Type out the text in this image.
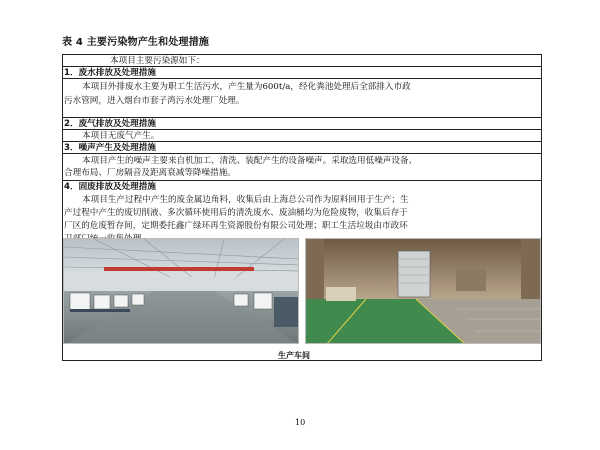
表 4 主要污染物产生和处理措施
本项目主要污染源如下：
1．废水排放及处理措施
本项目外排废水主要为职工生活污水，产生量为600t/a，经化粪池处理后全部排入市政
污水管网，进入烟台市套子湾污水处理厂处理。
2．废气排放及处理措施
本项目无废气产生。
3．噪声产生及处理措施
本项目产生的噪声主要来自机加工、清洗、装配产生的设备噪声。采取选用低噪声设备、
合理布局、厂房隔音及距离衰减等降噪措施。
4．固废排放及处理措施
本项目生产过程中产生的废金属边角料，收集后由上海总公司作为原料回用于生产；生
产过程中产生的废切削液、多次循环使用后的清洗废水、废油桶均为危险废物，收集后存于
厂区的危废暂存间，定期委托鑫广绿环再生资源股份有限公司处理；职工生活垃圾由市政环
生产车间
10
